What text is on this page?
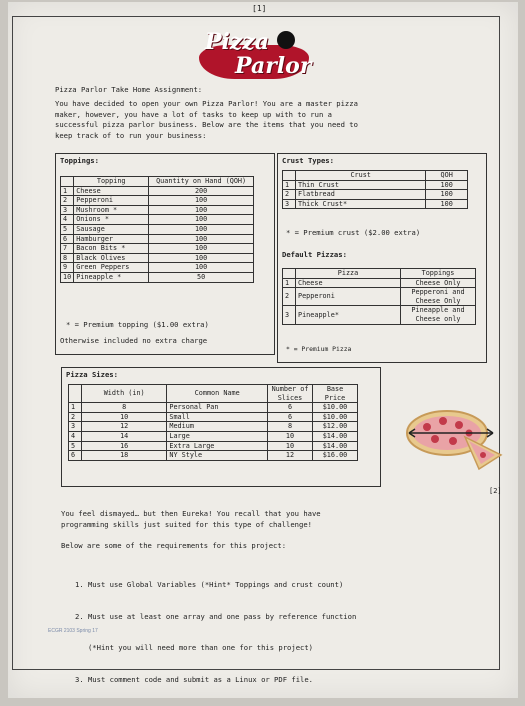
[1]
Pizza
Parlor
Pizza Parlor Take Home Assignment:
You have decided to open your own Pizza Parlor! You are a master pizza
maker, however, you have a lot of tasks to keep up with to run a
successful pizza parlor business. Below are the items that you need to
keep track of to run your business:
Toppings:
	Topping	Quantity on Hand (QOH)
1	Cheese	200
2	Pepperoni	100
3	Mushroom *	100
4	Onions *	100
5	Sausage	100
6	Hamburger	100
7	Bacon Bits *	100
8	Black Olives	100
9	Green Peppers	100
10	Pineapple *	50
* = Premium topping ($1.00 extra)
Otherwise included no extra charge
Crust Types:
	Crust	QOH
1	Thin Crust	100
2	Flatbread	100
3	Thick Crust*	100
* = Premium crust ($2.00 extra)
Default Pizzas:
	Pizza	Toppings
1	Cheese	Cheese Only
2	Pepperoni	Pepperoni and Cheese Only
3	Pineapple*	Pineapple and Cheese only
* = Premium Pizza
Pizza Sizes:
	Width (in)	Common Name	Number of Slices	Base Price
1	8	Personal Pan	6	$10.00
2	10	Small	6	$10.00
3	12	Medium	8	$12.00
4	14	Large	10	$14.00
5	16	Extra Large	10	$14.00
6	18	NY Style	12	$16.00
[2]
You feel dismayed… but then Eureka! You recall that you have
programming skills just suited for this type of challenge!
Below are some of the requirements for this project:

1. Must use Global Variables (*Hint* Toppings and crust count)

2. Must use at least one array and one pass by reference function

(*Hint you will need more than one for this project)

3. Must comment code and submit as a Linux or PDF file.

ECGR 2103 Spring 17
